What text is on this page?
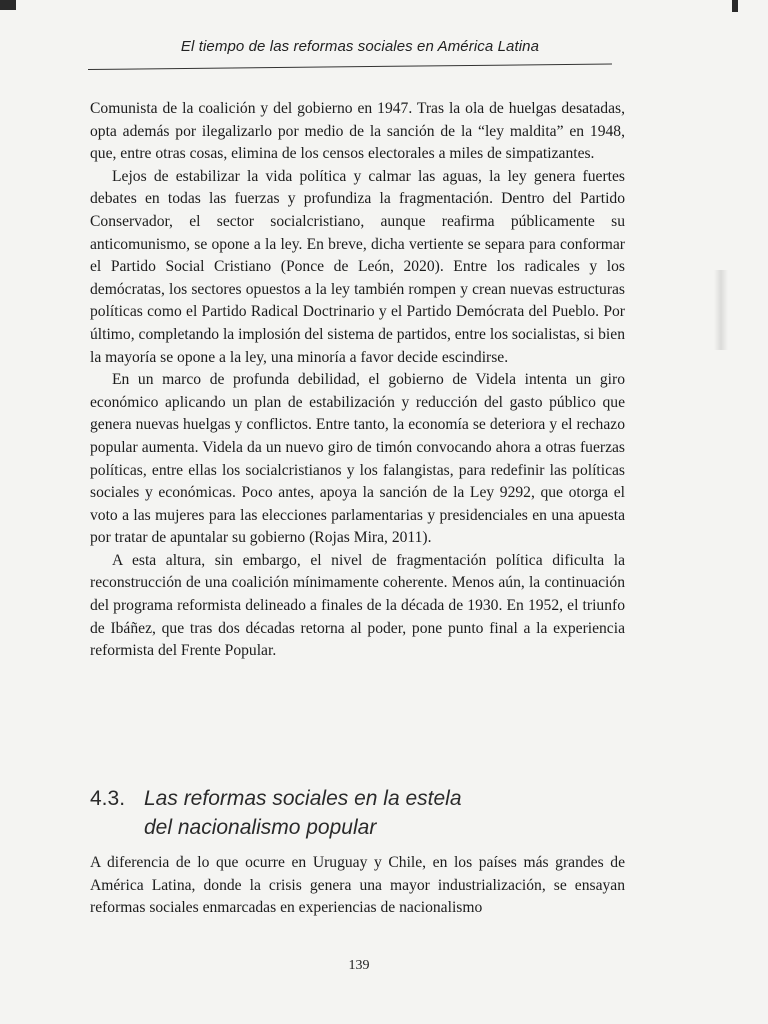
El tiempo de las reformas sociales en América Latina

Comunista de la coalición y del gobierno en 1947. Tras la ola de huelgas desatadas, opta además por ilegalizarlo por medio de la sanción de la “ley maldita” en 1948, que, entre otras cosas, elimina de los censos electorales a miles de simpatizantes.

Lejos de estabilizar la vida política y calmar las aguas, la ley genera fuertes debates en todas las fuerzas y profundiza la fragmentación. Dentro del Partido Conservador, el sector socialcristiano, aunque reafirma públicamente su anticomunismo, se opone a la ley. En breve, dicha vertiente se separa para conformar el Partido Social Cristiano (Ponce de León, 2020). Entre los radicales y los demócratas, los sectores opuestos a la ley también rompen y crean nuevas estructuras políticas como el Partido Radical Doctrinario y el Partido Demócrata del Pueblo. Por último, completando la implosión del sistema de partidos, entre los socialistas, si bien la mayoría se opone a la ley, una minoría a favor decide escindirse.

En un marco de profunda debilidad, el gobierno de Videla intenta un giro económico aplicando un plan de estabilización y reducción del gasto público que genera nuevas huelgas y conflictos. Entre tanto, la economía se deteriora y el rechazo popular aumenta. Videla da un nuevo giro de timón convocando ahora a otras fuerzas políticas, entre ellas los socialcristianos y los falangistas, para redefinir las políticas sociales y económicas. Poco antes, apoya la sanción de la Ley 9292, que otorga el voto a las mujeres para las elecciones parlamentarias y presidenciales en una apuesta por tratar de apuntalar su gobierno (Rojas Mira, 2011).

A esta altura, sin embargo, el nivel de fragmentación política dificulta la reconstrucción de una coalición mínimamente coherente. Menos aún, la continuación del programa reformista delineado a finales de la década de 1930. En 1952, el triunfo de Ibáñez, que tras dos décadas retorna al poder, pone punto final a la experiencia reformista del Frente Popular.

4.3. Las reformas sociales en la estela
del nacionalismo popular

A diferencia de lo que ocurre en Uruguay y Chile, en los países más grandes de América Latina, donde la crisis genera una mayor industrialización, se ensayan reformas sociales enmarcadas en experiencias de nacionalismo

139
